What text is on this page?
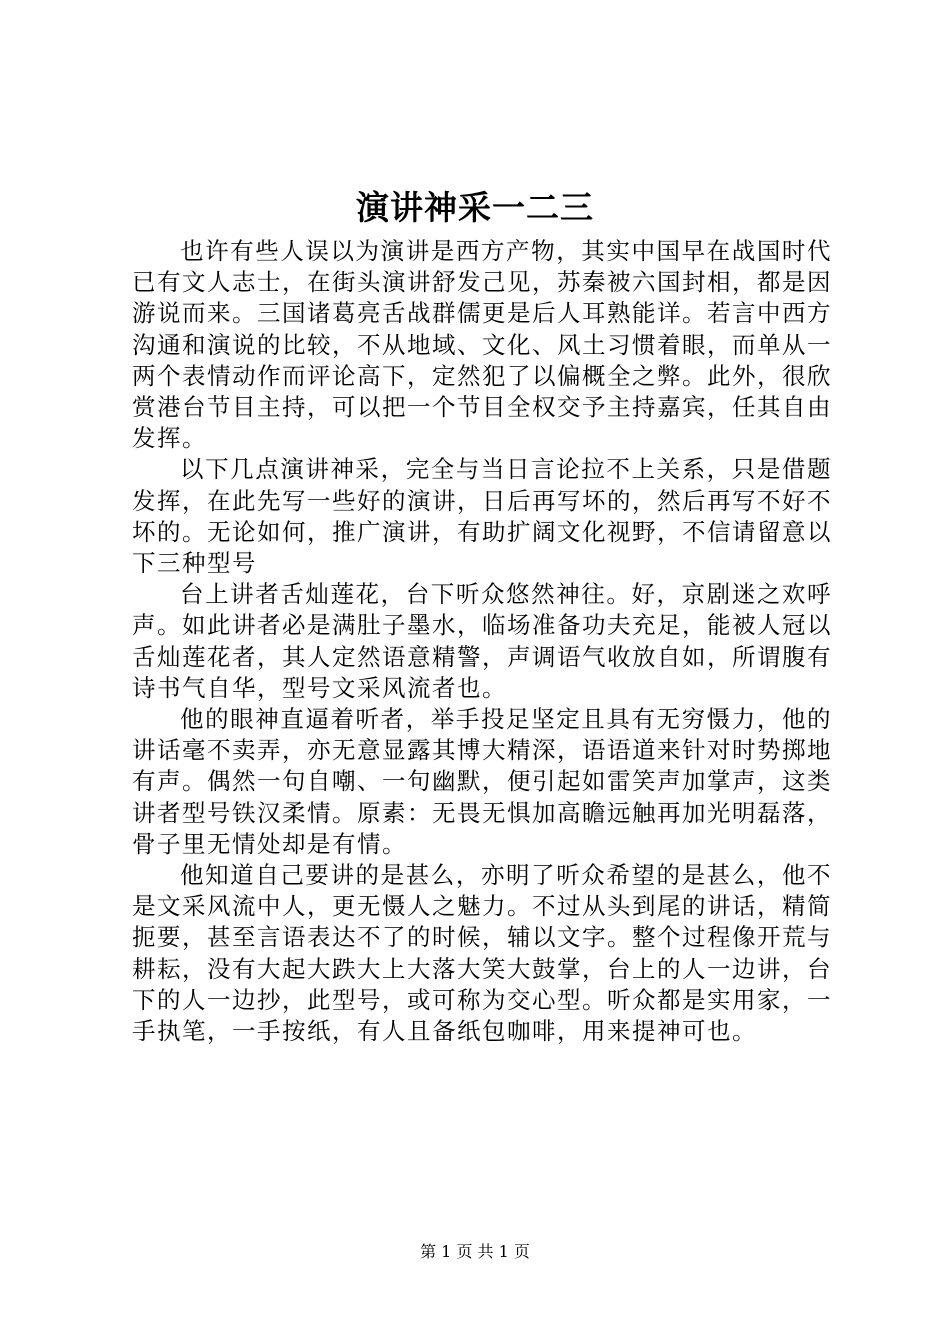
演讲神采一二三

也许有些人误以为演讲是西方产物，其实中国早在战国时代已有文人志士，在街头演讲舒发己见，苏秦被六国封相，都是因游说而来。三国诸葛亮舌战群儒更是后人耳熟能详。若言中西方沟通和演说的比较，不从地域、文化、风土习惯着眼，而单从一两个表情动作而评论高下，定然犯了以偏概全之弊。此外，很欣赏港台节目主持，可以把一个节目全权交予主持嘉宾，任其自由发挥。

以下几点演讲神采，完全与当日言论拉不上关系，只是借题发挥，在此先写一些好的演讲，日后再写坏的，然后再写不好不坏的。无论如何，推广演讲，有助扩阔文化视野，不信请留意以下三种型号

台上讲者舌灿莲花，台下听众悠然神往。好，京剧迷之欢呼声。如此讲者必是满肚子墨水，临场准备功夫充足，能被人冠以舌灿莲花者，其人定然语意精警，声调语气收放自如，所谓腹有诗书气自华，型号文采风流者也。

他的眼神直逼着听者，举手投足坚定且具有无穷慑力，他的讲话毫不卖弄，亦无意显露其博大精深，语语道来针对时势掷地有声。偶然一句自嘲、一句幽默，便引起如雷笑声加掌声，这类讲者型号铁汉柔情。原素：无畏无惧加高瞻远触再加光明磊落，骨子里无情处却是有情。

他知道自己要讲的是甚么，亦明了听众希望的是甚么，他不是文采风流中人，更无慑人之魅力。不过从头到尾的讲话，精简扼要，甚至言语表达不了的时候，辅以文字。整个过程像开荒与耕耘，没有大起大跌大上大落大笑大鼓掌，台上的人一边讲，台下的人一边抄，此型号，或可称为交心型。听众都是实用家，一手执笔，一手按纸，有人且备纸包咖啡，用来提神可也。

第 1 页 共 1 页
